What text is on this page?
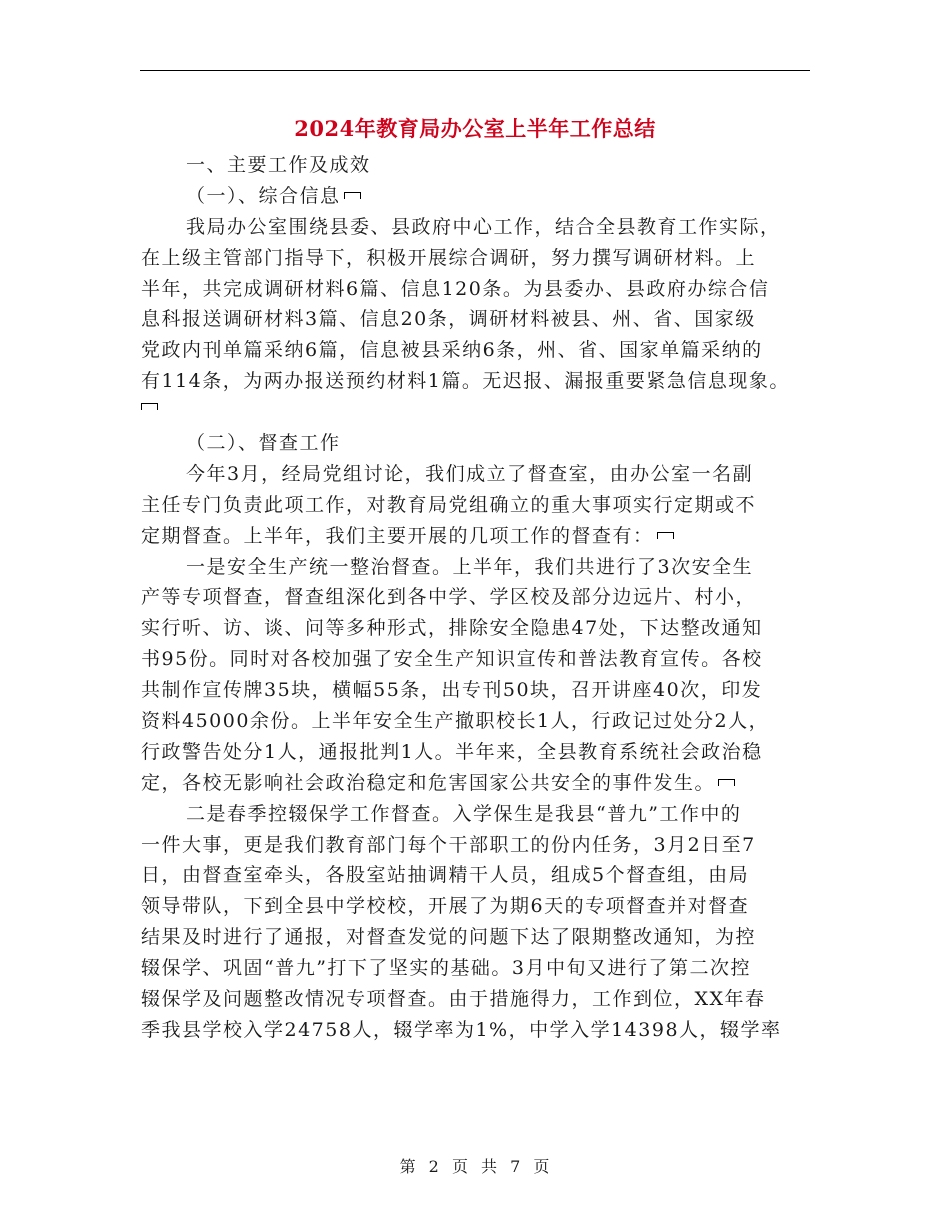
2024年教育局办公室上半年工作总结
一、主要工作及成效
（一）、综合信息
我局办公室围绕县委、县政府中心工作，结合全县教育工作实际，
在上级主管部门指导下，积极开展综合调研，努力撰写调研材料。上
半年，共完成调研材料6篇、信息120条。为县委办、县政府办综合信
息科报送调研材料3篇、信息20条，调研材料被县、州、省、国家级
党政内刊单篇采纳6篇，信息被县采纳6条，州、省、国家单篇采纳的
有114条，为两办报送预约材料1篇。无迟报、漏报重要紧急信息现象。
（二）、督查工作
今年3月，经局党组讨论，我们成立了督查室，由办公室一名副
主任专门负责此项工作，对教育局党组确立的重大事项实行定期或不
定期督查。上半年，我们主要开展的几项工作的督查有：
一是安全生产统一整治督查。上半年，我们共进行了3次安全生
产等专项督查，督查组深化到各中学、学区校及部分边远片、村小，
实行听、访、谈、问等多种形式，排除安全隐患47处，下达整改通知
书95份。同时对各校加强了安全生产知识宣传和普法教育宣传。各校
共制作宣传牌35块，横幅55条，出专刊50块，召开讲座40次，印发
资料45000余份。上半年安全生产撤职校长1人，行政记过处分2人，
行政警告处分1人，通报批判1人。半年来，全县教育系统社会政治稳
定，各校无影响社会政治稳定和危害国家公共安全的事件发生。
二是春季控辍保学工作督查。入学保生是我县“普九”工作中的
一件大事，更是我们教育部门每个干部职工的份内任务，3月2日至7
日，由督查室牵头，各股室站抽调精干人员，组成5个督查组，由局
领导带队，下到全县中学校校，开展了为期6天的专项督查并对督查
结果及时进行了通报，对督查发觉的问题下达了限期整改通知，为控
辍保学、巩固“普九”打下了坚实的基础。3月中旬又进行了第二次控
辍保学及问题整改情况专项督查。由于措施得力，工作到位，XX年春
季我县学校入学24758人，辍学率为1%，中学入学14398人，辍学率
第 2 页 共 7 页
